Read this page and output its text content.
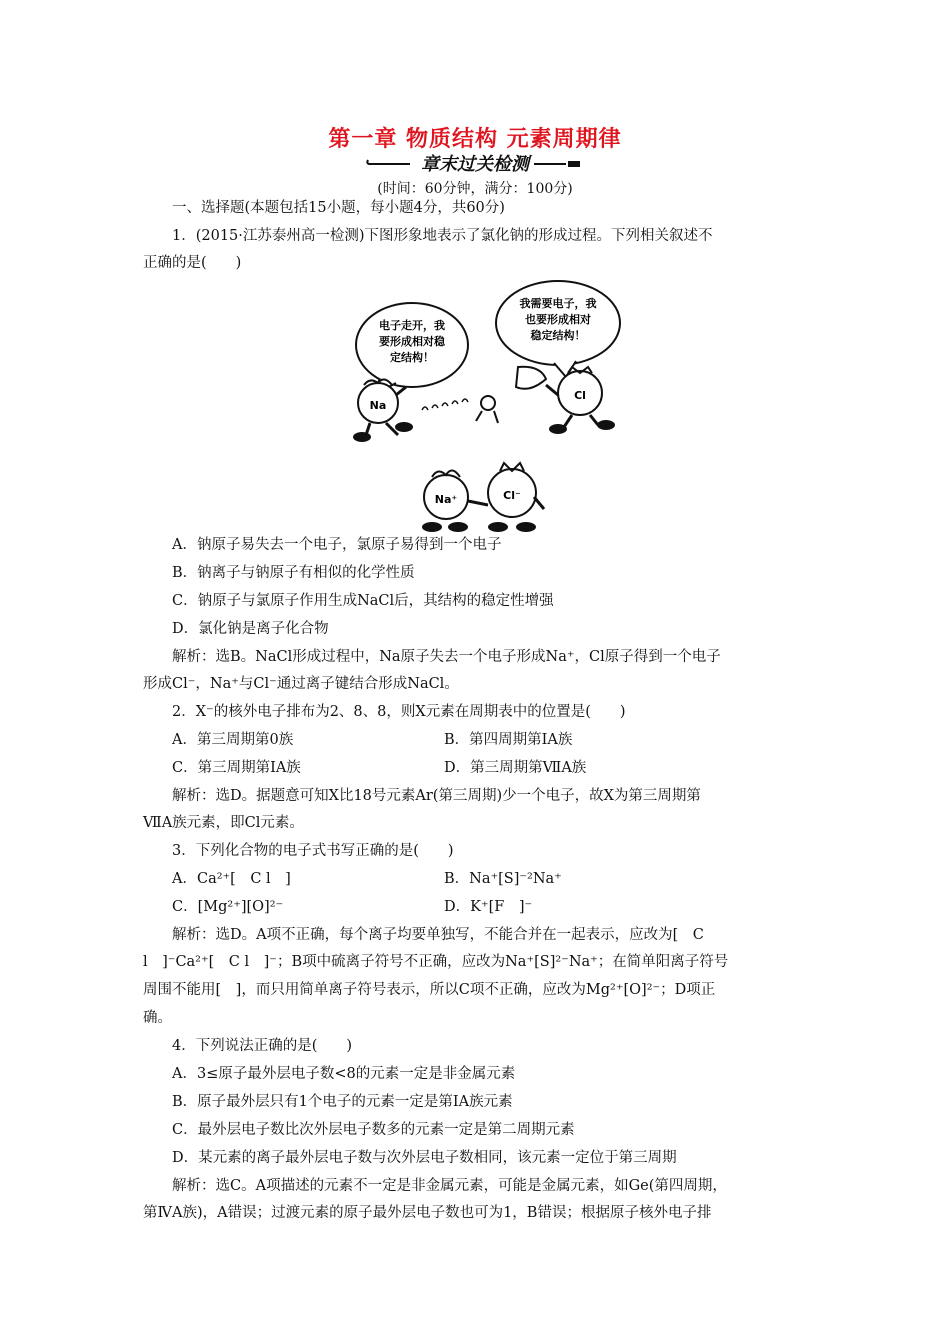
第一章 物质结构 元素周期律
章末过关检测
(时间：60分钟，满分：100分)
一、选择题(本题包括15小题，每小题4分，共60分)
1．(2015·江苏泰州高一检测)下图形象地表示了氯化钠的形成过程。下列相关叙述不
正确的是(　　)
电子走开，我
要形成相对稳
定结构！
我需要电子，我
也要形成相对
稳定结构！
Na
Cl
Na⁺	Cl⁻
A．钠原子易失去一个电子，氯原子易得到一个电子
B．钠离子与钠原子有相似的化学性质
C．钠原子与氯原子作用生成NaCl后，其结构的稳定性增强
D．氯化钠是离子化合物
解析：选B。NaCl形成过程中，Na原子失去一个电子形成Na⁺，Cl原子得到一个电子
形成Cl⁻，Na⁺与Cl⁻通过离子键结合形成NaCl。
2．X⁻的核外电子排布为2、8、8，则X元素在周期表中的位置是(　　)
A．第三周期第0族	B．第四周期第ⅠA族
C．第三周期第ⅠA族	D．第三周期第ⅦA族
解析：选D。据题意可知X比18号元素Ar(第三周期)少一个电子，故X为第三周期第
ⅦA族元素，即Cl元素。
3．下列化合物的电子式书写正确的是(　　)
A．Ca²⁺[　C l　]	B．Na⁺[S]⁻²Na⁺
C．[Mg²⁺][O]²⁻	D．K⁺[F　]⁻
解析：选D。A项不正确，每个离子均要单独写，不能合并在一起表示，应改为[　C
l　]⁻Ca²⁺[　C l　]⁻；B项中硫离子符号不正确，应改为Na⁺[S]²⁻Na⁺；在简单阳离子符号
周围不能用[　]，而只用简单离子符号表示，所以C项不正确，应改为Mg²⁺[O]²⁻；D项正
确。
4．下列说法正确的是(　　)
A．3≤原子最外层电子数<8的元素一定是非金属元素
B．原子最外层只有1个电子的元素一定是第ⅠA族元素
C．最外层电子数比次外层电子数多的元素一定是第二周期元素
D．某元素的离子最外层电子数与次外层电子数相同，该元素一定位于第三周期
解析：选C。A项描述的元素不一定是非金属元素，可能是金属元素，如Ge(第四周期，
第ⅣA族)，A错误；过渡元素的原子最外层电子数也可为1，B错误；根据原子核外电子排
